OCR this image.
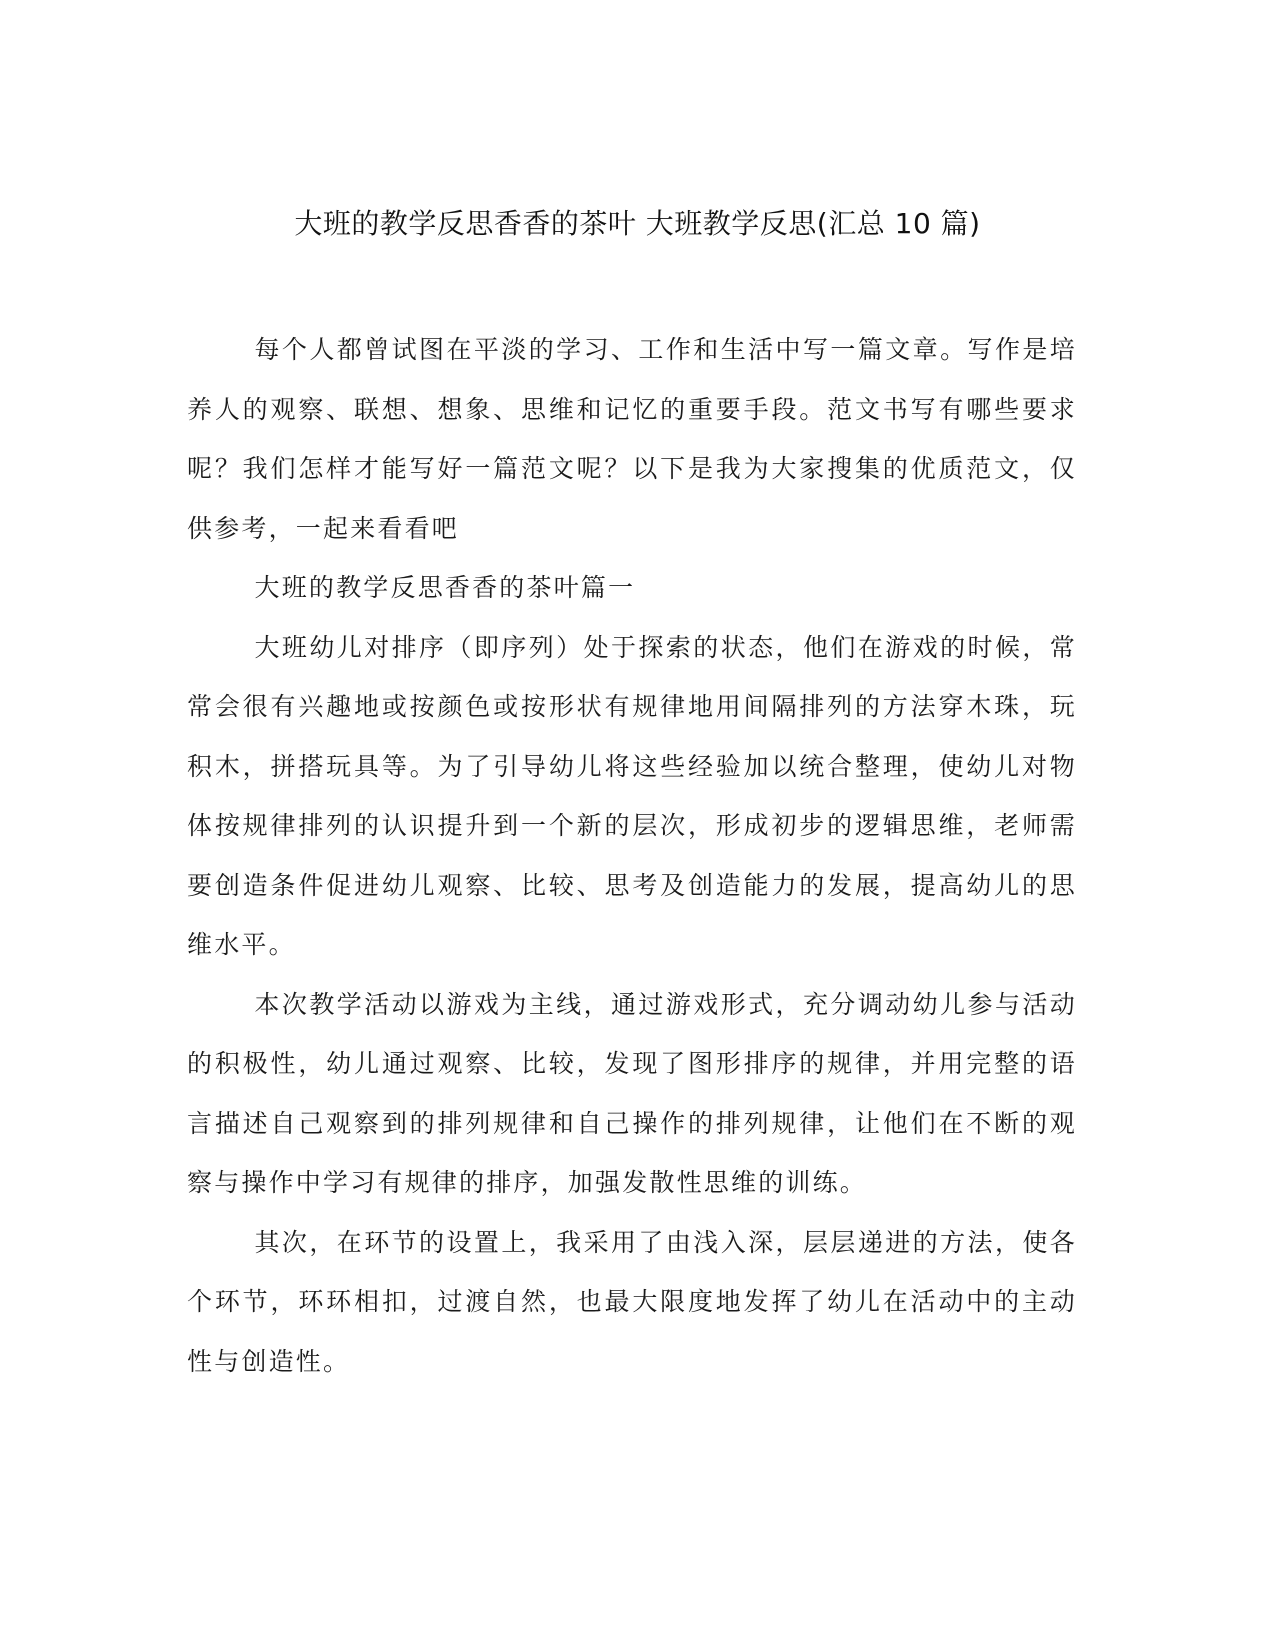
大班的教学反思香香的茶叶 大班教学反思(汇总 10 篇)

每个人都曾试图在平淡的学习、工作和生活中写一篇文章。写作是培养人的观察、联想、想象、思维和记忆的重要手段。范文书写有哪些要求呢？我们怎样才能写好一篇范文呢？以下是我为大家搜集的优质范文，仅供参考，一起来看看吧

大班的教学反思香香的茶叶篇一

大班幼儿对排序（即序列）处于探索的状态，他们在游戏的时候，常常会很有兴趣地或按颜色或按形状有规律地用间隔排列的方法穿木珠，玩积木，拼搭玩具等。为了引导幼儿将这些经验加以统合整理，使幼儿对物体按规律排列的认识提升到一个新的层次，形成初步的逻辑思维，老师需要创造条件促进幼儿观察、比较、思考及创造能力的发展，提高幼儿的思维水平。

本次教学活动以游戏为主线，通过游戏形式，充分调动幼儿参与活动的积极性，幼儿通过观察、比较，发现了图形排序的规律，并用完整的语言描述自己观察到的排列规律和自己操作的排列规律，让他们在不断的观察与操作中学习有规律的排序，加强发散性思维的训练。

其次，在环节的设置上，我采用了由浅入深，层层递进的方法，使各个环节，环环相扣，过渡自然，也最大限度地发挥了幼儿在活动中的主动性与创造性。
